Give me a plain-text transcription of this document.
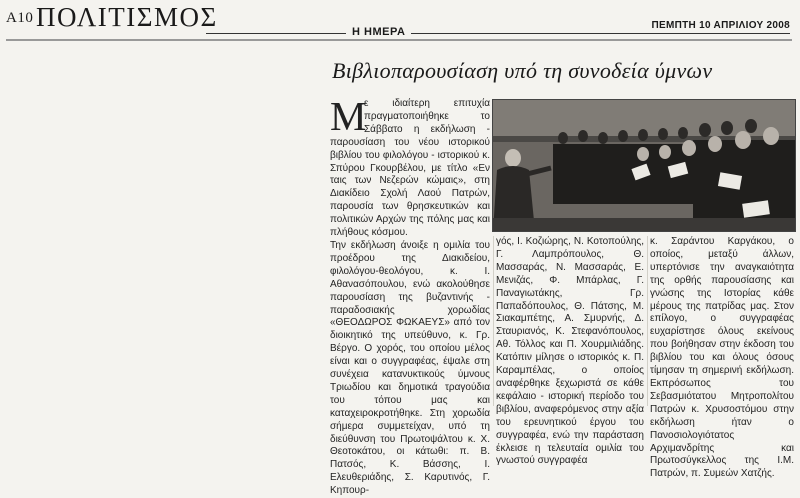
Α10 ΠΟΛΙΤΙΣΜΟΣ	Η ΗΜΕΡΑ
ΠΕΜΠΤΗ 10 ΑΠΡΙΛΙΟΥ 2008
Βιβλιοπαρουσίαση υπό τη συνοδεία ύμνων
Μ

ε ιδιαίτερη επιτυχία πραγματοποιήθηκε το Σάββατο η εκδήλωση - παρουσίαση του νέου ιστορικού βιβλίου του φιλολόγου - ιστορικού κ. Σπύρου Γκουρβέλου, με τίτλο «Εν ταις των Νεζερών κώμαις», στη Διακίδειο Σχολή Λαού Πατρών, παρουσία των θρησκευτικών και πολιτικών Αρχών της πόλης μας και πλήθους κόσμου.

Την εκδήλωση άνοιξε η ομιλία του προέδρου της Διακιδείου, φιλολόγου-θεολόγου, κ. Ι. Αθανασόπουλου, ενώ ακολούθησε παρουσίαση της βυζαντινής - παραδοσιακής χορωδίας «ΘΕΟΔΩΡΟΣ ΦΩΚΑΕΥΣ» από τον διοικητικό της υπεύθυνο, κ. Γρ. Βέργο. Ο χορός, του οποίου μέλος είναι και ο συγγραφέας, έψαλε στη συνέχεια κατανυκτικούς ύμνους Τριωδίου και δημοτικά τραγούδια του τόπου μας και καταχειροκροτήθηκε. Στη χορωδία σήμερα συμμετείχαν, υπό τη διεύθυνση του Πρωτοψάλτου κ. Χ. Θεοτοκάτου, οι κάτωθι: π. Β. Πατσός, Κ. Βάσσης, Ι. Ελευθεριάδης, Σ. Καρυτινός, Γ. Κηπουρ-

γός, Ι. Κοζιώρης, Ν. Κοτοπούλης, Γ. Λαμπρόπουλος, Θ. Μασσαράς, Ν. Μασσαράς, Ε. Μενιζάς, Φ. Μπάρλας, Γ. Παναγιωτάκης, Γρ. Παπαδόπουλος, Θ. Πάτσης, Μ. Σιακαμπέτης, Α. Σμυρνής, Δ. Σταυριανός, Κ. Στεφανόπουλος, Αθ. Τόλλος και Π. Χουρμιλιάδης. Κατόπιν μίλησε ο ιστορικός κ. Π. Καραμπέλας, ο οποίος αναφέρθηκε ξεχωριστά σε κάθε κεφάλαιο - ιστορική περίοδο του βιβλίου, αναφερόμενος στην αξία του ερευνητικού έργου του συγγραφέα, ενώ την παράσταση έκλεισε η τελευταία ομιλία του γνωστού συγγραφέα

κ. Σαράντου Καργάκου, ο οποίος, μεταξύ άλλων, υπερτόνισε την αναγκαιότητα της ορθής παρουσίασης και γνώσης της Ιστορίας κάθε μέρους της πατρίδας μας. Στον επίλογο, ο συγγραφέας ευχαρίστησε όλους εκείνους που βοήθησαν στην έκδοση του βιβλίου του και όλους όσους τίμησαν τη σημερινή εκδήλωση. Εκπρόσωπος του Σεβασμιότατου Μητροπολίτου Πατρών κ. Χρυσοστόμου στην εκδήλωση ήταν ο Πανοσιολογιότατος Αρχιμανδρίτης και Πρωτοσύγκελλος της Ι.Μ. Πατρών, π. Συμεών Χατζής.
